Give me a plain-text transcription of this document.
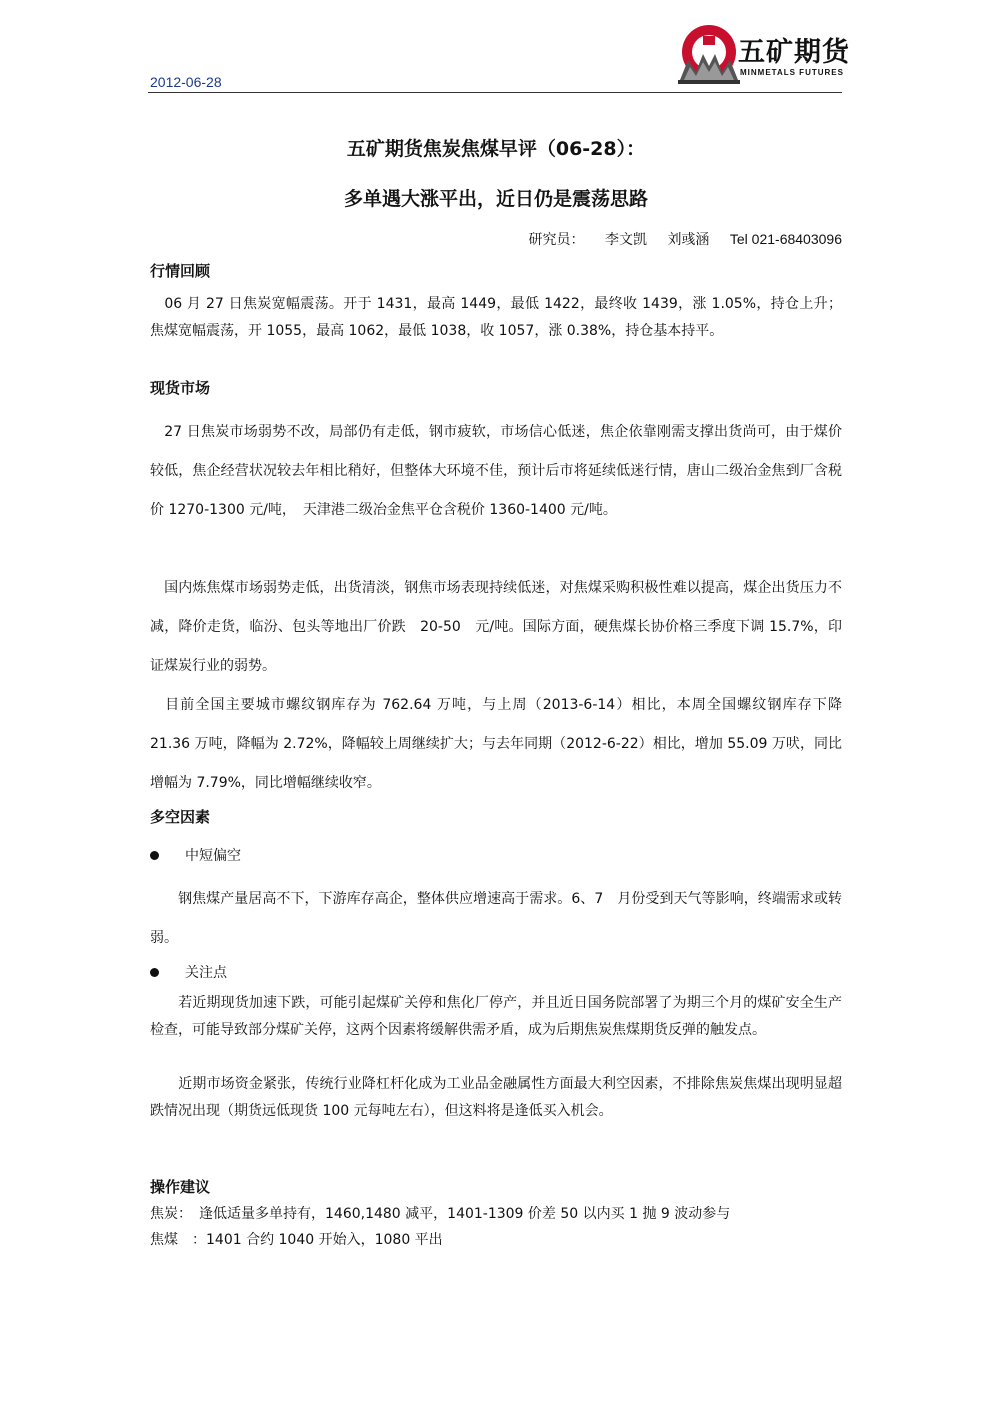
2012-06-28
五矿期货
MINMETALS FUTURES
五矿期货焦炭焦煤早评（06-28）：
多单遇大涨平出，近日仍是震荡思路
研究员： 李文凯 刘彧涵 Tel 021-68403096
行情回顾
　06 月 27 日焦炭宽幅震荡。开于 1431，最高 1449，最低 1422，最终收 1439，涨 1.05%，持仓上升；焦煤宽幅震荡，开 1055，最高 1062，最低 1038，收 1057，涨 0.38%，持仓基本持平。
现货市场
　27 日焦炭市场弱势不改，局部仍有走低，钢市疲软，市场信心低迷，焦企依靠刚需支撑出货尚可，由于煤价较低，焦企经营状况较去年相比稍好，但整体大环境不佳，预计后市将延续低迷行情，唐山二级冶金焦到厂含税价 1270-1300 元/吨，　天津港二级冶金焦平仓含税价 1360-1400 元/吨。
　国内炼焦煤市场弱势走低，出货清淡，钢焦市场表现持续低迷，对焦煤采购积极性难以提高，煤企出货压力不减，降价走货，临汾、包头等地出厂价跌　20-50　元/吨。国际方面，硬焦煤长协价格三季度下调 15.7%，印证煤炭行业的弱势。
　目前全国主要城市螺纹钢库存为 762.64 万吨，与上周（2013-6-14）相比，本周全国螺纹钢库存下降 21.36 万吨，降幅为 2.72%，降幅较上周继续扩大；与去年同期（2012-6-22）相比，增加 55.09 万吠，同比增幅为 7.79%，同比增幅继续收窄。
多空因素
中短偏空
　　钢焦煤产量居高不下，下游库存高企，整体供应增速高于需求。6、7　月份受到天气等影响，终端需求或转弱。
关注点
　　若近期现货加速下跌，可能引起煤矿关停和焦化厂停产，并且近日国务院部署了为期三个月的煤矿安全生产检查，可能导致部分煤矿关停，这两个因素将缓解供需矛盾，成为后期焦炭焦煤期货反弹的触发点。
　　近期市场资金紧张，传统行业降杠杆化成为工业品金融属性方面最大利空因素，不排除焦炭焦煤出现明显超跌情况出现（期货远低现货 100 元每吨左右），但这料将是逢低买入机会。
操作建议
焦炭：　逢低适量多单持有，1460,1480 减平，1401-1309 价差 50 以内买 1 抛 9 波动参与
焦煤　：1401 合约 1040 开始入，1080 平出
